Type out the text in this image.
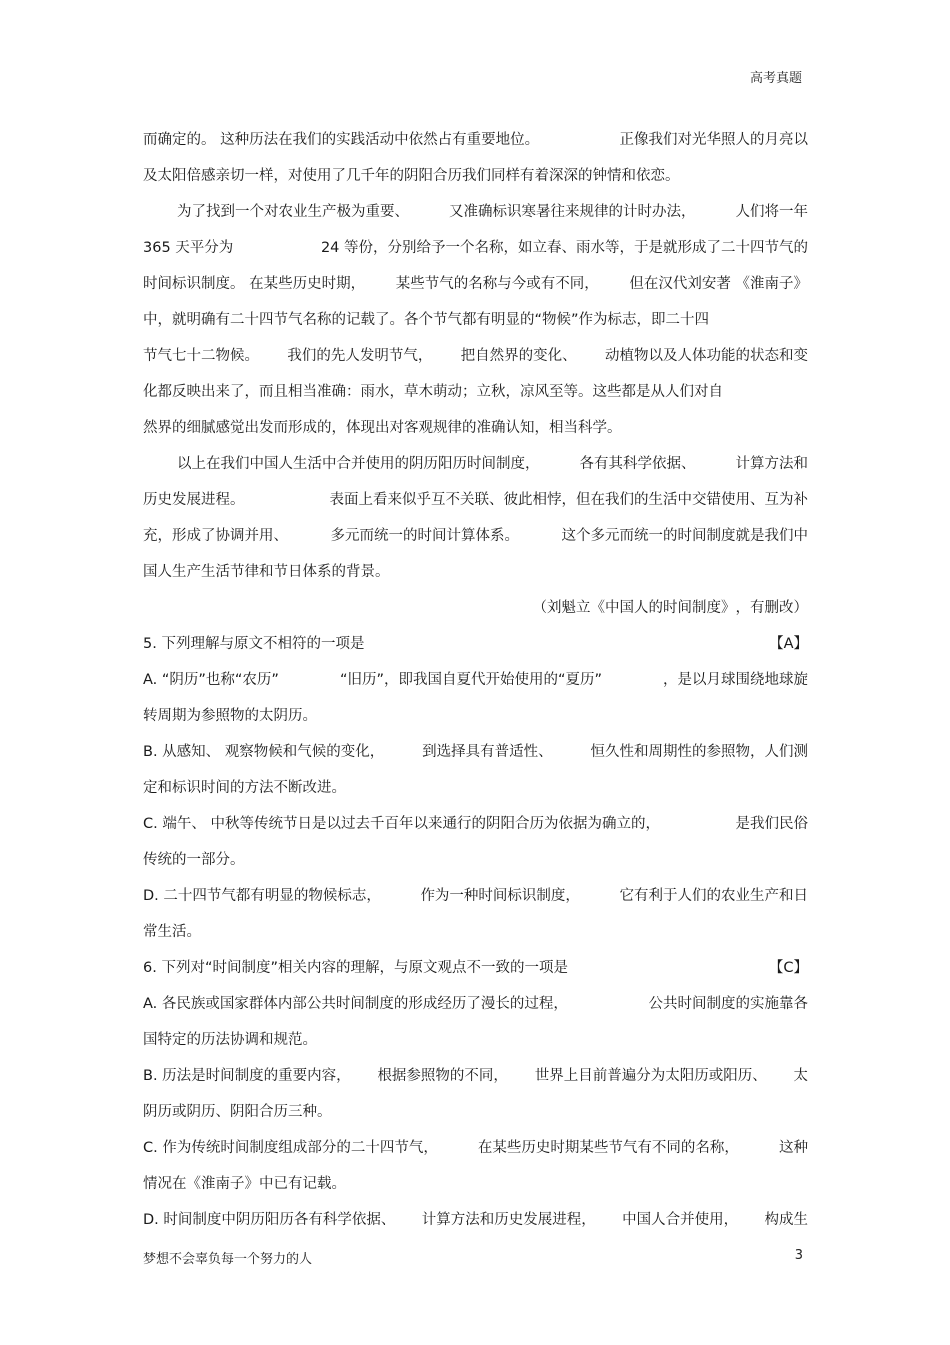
高考真题
而确定的。 这种历法在我们的实践活动中依然占有重要地位。	正像我们对光华照人的月亮以
及太阳倍感亲切一样，对使用了几千年的阴阳合历我们同样有着深深的钟情和依恋。
为了找到一个对农业生产极为重要、	又准确标识寒暑往来规律的计时办法，	人们将一年
365 天平分为	24 等份，分别给予一个名称，如立春、雨水等，于是就形成了二十四节气的
时间标识制度。 在某些历史时期， 某些节气的名称与今或有不同， 但在汉代刘安著 《淮南子》
中，就明确有二十四节气名称的记载了。各个节气都有明显的“物候”作为标志，即二十四
节气七十二物候。 我们的先人发明节气， 把自然界的变化、 动植物以及人体功能的状态和变
化都反映出来了，而且相当准确：雨水，草木萌动；立秋，凉风至等。这些都是从人们对自
然界的细腻感觉出发而形成的，体现出对客观规律的准确认知，相当科学。
以上在我们中国人生活中合并使用的阴历阳历时间制度，	各有其科学依据、	计算方法和
历史发展进程。	表面上看来似乎互不关联、彼此相悖，但在我们的生活中交错使用、互为补
充，形成了协调并用、	多元而统一的时间计算体系。	这个多元而统一的时间制度就是我们中
国人生产生活节律和节日体系的背景。
（刘魁立《中国人的时间制度》 ，有删改）
5. 下列理解与原文不相符的一项是	【A】
A. “阴历”也称“农历”	“旧历”，即我国自夏代开始使用的“夏历”	，是以月球围绕地球旋
转周期为参照物的太阴历。
B. 从感知、 观察物候和气候的变化，	到选择具有普适性、	恒久性和周期性的参照物，人们测
定和标识时间的方法不断改进。
C. 端午、 中秋等传统节日是以过去千百年以来通行的阴阳合历为依据为确立的，	是我们民俗
传统的一部分。
D. 二十四节气都有明显的物候标志，	作为一种时间标识制度，	它有利于人们的农业生产和日
常生活。
6. 下列对“时间制度”相关内容的理解，与原文观点不一致的一项是	【C】
A. 各民族或国家群体内部公共时间制度的形成经历了漫长的过程，	公共时间制度的实施靠各
国特定的历法协调和规范。
B. 历法是时间制度的重要内容， 根据参照物的不同， 世界上目前普遍分为太阳历或阳历、 太
阴历或阴历、阴阳合历三种。
C. 作为传统时间制度组成部分的二十四节气，	在某些历史时期某些节气有不同的名称，	这种
情况在《淮南子》中已有记载。
D. 时间制度中阴历阳历各有科学依据、 计算方法和历史发展进程， 中国人合并使用， 构成生
梦想不会辜负每一个努力的人	3
